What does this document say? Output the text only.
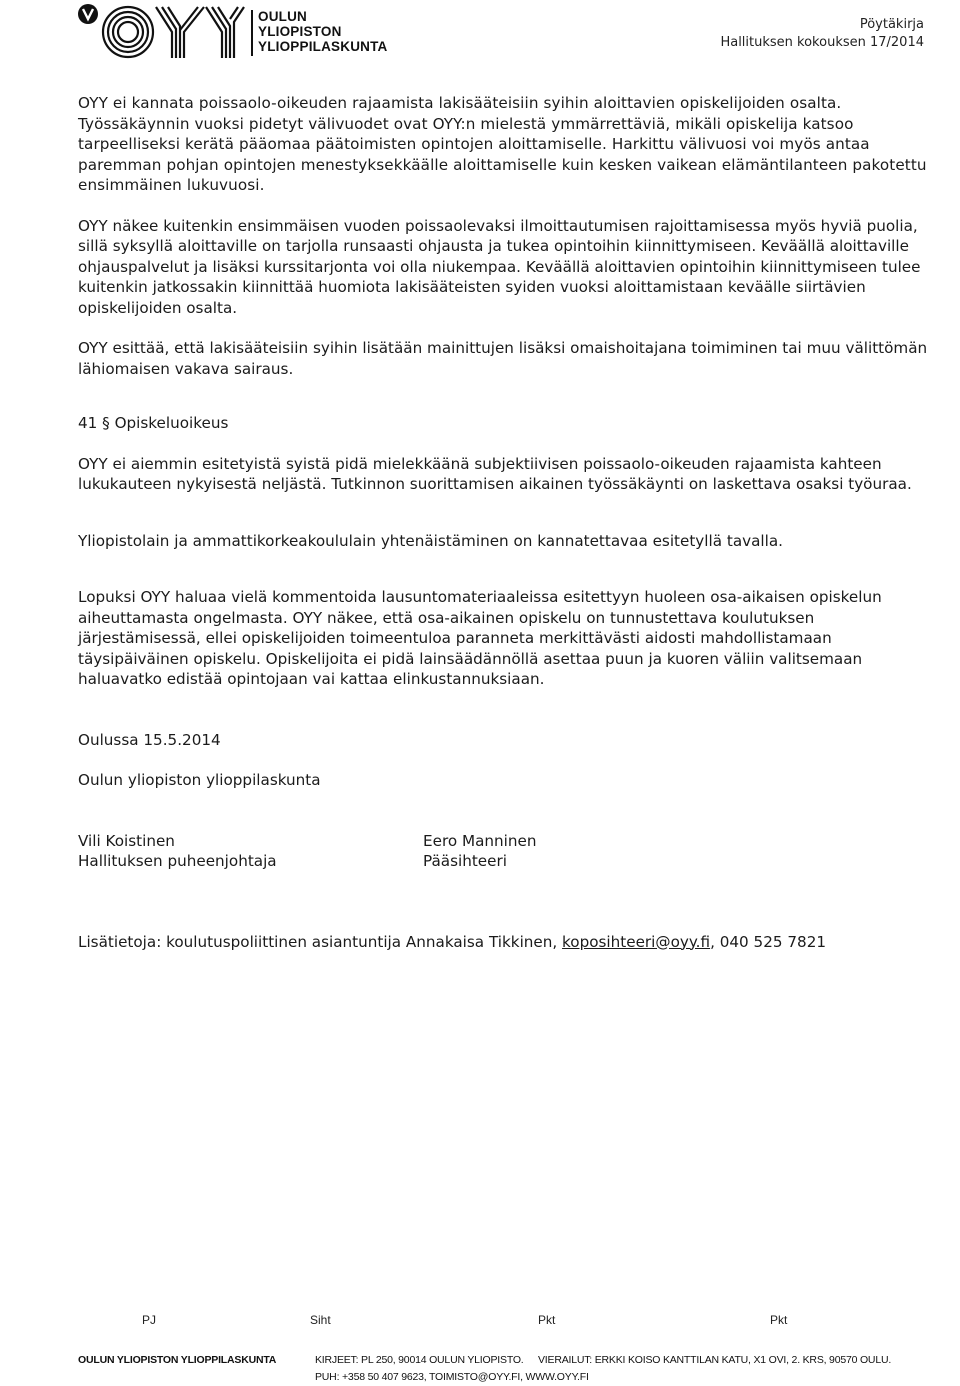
OULUN
YLIOPISTON
YLIOPPILASKUNTA
Pöytäkirja
Hallituksen kokouksen 17/2014

OYY ei kannata poissaolo-oikeuden rajaamista lakisääteisiin syihin aloittavien opiskelijoiden osalta. Työssäkäynnin vuoksi pidetyt välivuodet ovat OYY:n mielestä ymmärrettäviä, mikäli opiskelija katsoo tarpeelliseksi kerätä pääomaa päätoimisten opintojen aloittamiselle. Harkittu välivuosi voi myös antaa paremman pohjan opintojen menestyksekkäälle aloittamiselle kuin kesken vaikean elämäntilanteen pakotettu ensimmäinen lukuvuosi.

OYY näkee kuitenkin ensimmäisen vuoden poissaolevaksi ilmoittautumisen rajoittamisessa myös hyviä puolia, sillä syksyllä aloittaville on tarjolla runsaasti ohjausta ja tukea opintoihin kiinnittymiseen. Keväällä aloittaville ohjauspalvelut ja lisäksi kurssitarjonta voi olla niukempaa. Keväällä aloittavien opintoihin kiinnittymiseen tulee kuitenkin jatkossakin kiinnittää huomiota lakisääteisten syiden vuoksi aloittamistaan keväälle siirtävien opiskelijoiden osalta.

OYY esittää, että lakisääteisiin syihin lisätään mainittujen lisäksi omaishoitajana toimiminen tai muu välittömän lähiomaisen vakava sairaus.

41 § Opiskeluoikeus

OYY ei aiemmin esitetyistä syistä pidä mielekkäänä subjektiivisen poissaolo-oikeuden rajaamista kahteen lukukauteen nykyisestä neljästä. Tutkinnon suorittamisen aikainen työssäkäynti on laskettava osaksi työuraa.

Yliopistolain ja ammattikorkeakoululain yhtenäistäminen on kannatettavaa esitetyllä tavalla.

Lopuksi OYY haluaa vielä kommentoida lausuntomateriaaleissa esitettyyn huoleen osa-aikaisen opiskelun aiheuttamasta ongelmasta. OYY näkee, että osa-aikainen opiskelu on tunnustettava koulutuksen järjestämisessä, ellei opiskelijoiden toimeentuloa paranneta merkittävästi aidosti mahdollistamaan täysipäiväinen opiskelu. Opiskelijoita ei pidä lainsäädännöllä asettaa puun ja kuoren väliin valitsemaan haluavatko edistää opintojaan vai kattaa elinkustannuksiaan.

Oulussa 15.5.2014

Oulun yliopiston ylioppilaskunta

Vili Koistinen
Hallituksen puheenjohtaja
Eero Manninen
Pääsihteeri

Lisätietoja: koulutuspoliittinen asiantuntija Annakaisa Tikkinen, koposihteeri@oyy.fi, 040 525 7821

PJ	Siht	Pkt	Pkt
OULUN YLIOPISTON YLIOPPILASKUNTA	KIRJEET: PL 250, 90014 OULUN YLIOPISTO. VIERAILUT: ERKKI KOISO KANTTILAN KATU, X1 OVI, 2. KRS, 90570 OULU.
PUH: +358 50 407 9623, TOIMISTO@OYY.FI, WWW.OYY.FI
